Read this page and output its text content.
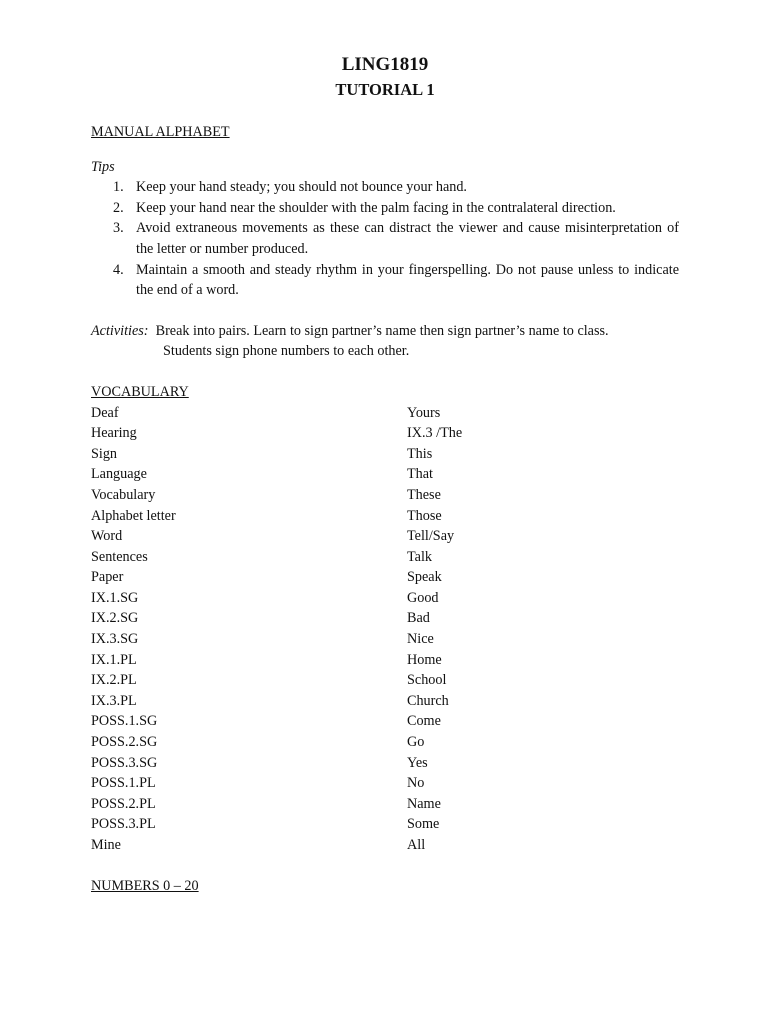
LING1819
TUTORIAL 1
MANUAL ALPHABET
Tips
1. Keep your hand steady; you should not bounce your hand.
2. Keep your hand near the shoulder with the palm facing in the contralateral direction.
3. Avoid extraneous movements as these can distract the viewer and cause misinterpretation of the letter or number produced.
4. Maintain a smooth and steady rhythm in your fingerspelling. Do not pause unless to indicate the end of a word.
Activities: Break into pairs. Learn to sign partner’s name then sign partner’s name to class.
Students sign phone numbers to each other.
VOCABULARY
Deaf
Hearing
Sign
Language
Vocabulary
Alphabet letter
Word
Sentences
Paper
IX.1.SG
IX.2.SG
IX.3.SG
IX.1.PL
IX.2.PL
IX.3.PL
POSS.1.SG
POSS.2.SG
POSS.3.SG
POSS.1.PL
POSS.2.PL
POSS.3.PL
Mine
Yours
IX.3 /The
This
That
These
Those
Tell/Say
Talk
Speak
Good
Bad
Nice
Home
School
Church
Come
Go
Yes
No
Name
Some
All
NUMBERS 0 – 20
